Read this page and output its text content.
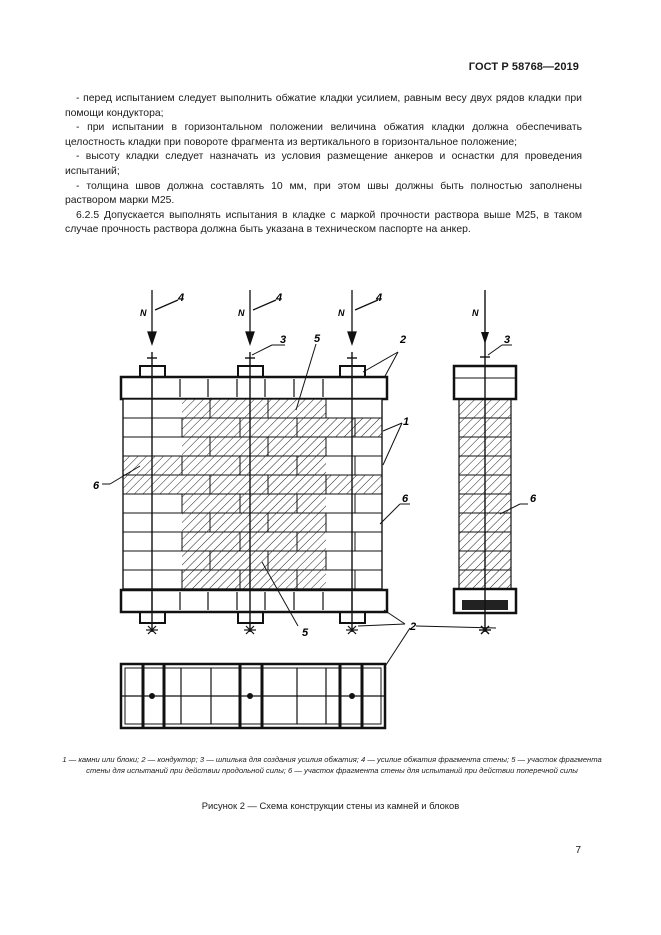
ГОСТ Р 58768—2019

- перед испытанием следует выполнить обжатие кладки усилием, равным весу двух рядов кладки при помощи кондуктора;

- при испытании в горизонтальном положении величина обжатия кладки должна обеспечивать целостность кладки при повороте фрагмента из вертикального в горизонтальное положение;

- высоту кладки следует назначать из условия размещение анкеров и оснастки для проведения испытаний;

- толщина швов должна составлять 10 мм, при этом швы должны быть полностью заполнены раствором марки М25.

6.2.5 Допускается выполнять испытания в кладке с маркой прочности раствора выше М25, в таком случае прочность раствора должна быть указана в техническом паспорте на анкер.

N	N	N
4	4	4
3	5	2
1
6
6
5	2
N
3
6
1 — камни или блоки; 2 — кондуктор; 3 — шпилька для создания усилия обжатия; 4 — усилие обжатия фрагмента стены; 5 — участок фрагмента стены для испытаний при действии продольной силы; 6 — участок фрагмента стены для испытаний при действии поперечной силы
Рисунок 2 — Схема конструкции стены из камней и блоков
7
